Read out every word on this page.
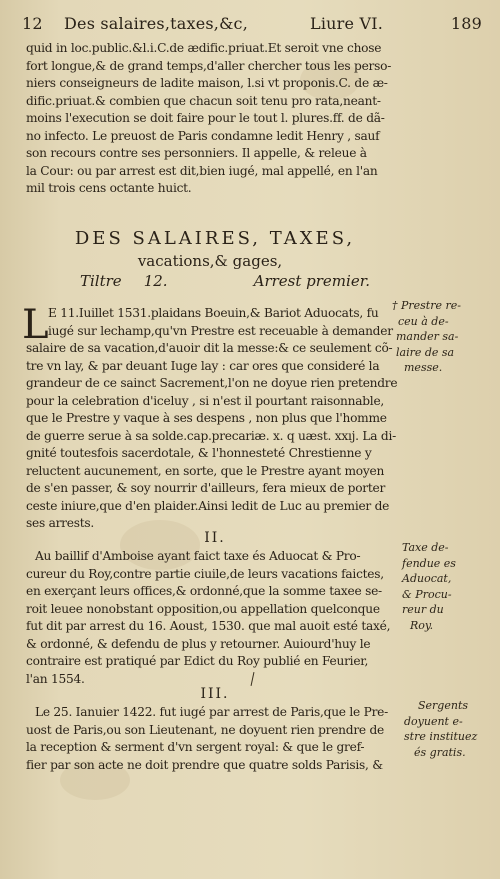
12 Des salaires,taxes,&c,	Liure VI.	189
quid in loc.public.&l.i.C.de ædific.priuat.Et seroit vne chose
fort longue,& de grand temps,d'aller chercher tous les perso-
niers conseigneurs de ladite maison, l.si vt proponis.C. de æ-
dific.priuat.& combien que chacun soit tenu pro rata,neant-
moins l'execution se doit faire pour le tout l. plures.ff. de dã-
no infecto. Le preuost de Paris condamne ledit Henry , sauf
son recours contre ses personniers. Il appelle, & releue à
la Cour: ou par arrest est dit,bien iugé, mal appellé, en l'an
mil trois cens octante huict.
DES SALAIRES, TAXES,
vacations,& gages,
Tiltre 12.	Arrest premier.
L E 11.Iuillet 1531.plaidans Boeuin,& Bariot Aduocats, fu
iugé sur lechamp,qu'vn Prestre est receuable à demander
salaire de sa vacation,d'auoir dit la messe:& ce seulement cõ-
tre vn lay, & par deuant Iuge lay : car ores que consideré la
grandeur de ce sainct Sacrement,l'on ne doyue rien pretendre
pour la celebration d'iceluy , si n'est il pourtant raisonnable,
que le Prestre y vaque à ses despens , non plus que l'homme
de guerre serue à sa solde.cap.precariæ. x. q uæst. xxıj. La di-
gnité toutesfois sacerdotale, & l'honnesteté Chrestienne y
reluctent aucunement, en sorte, que le Prestre ayant moyen
de s'en passer, & soy nourrir d'ailleurs, fera mieux de porter
ceste iniure,que d'en plaider.Ainsi ledit de Luc au premier de
ses arrests.
II.
Au baillif d'Amboise ayant faict taxe és Aduocat & Pro-
cureur du Roy,contre partie ciuile,de leurs vacations faictes,
en exerçant leurs offices,& ordonné,que la somme taxee se-
roit leuee nonobstant opposition,ou appellation quelconque
fut dit par arrest du 16. Aoust, 1530. que mal auoit esté taxé,
& ordonné, & defendu de plus y retourner. Auiourd'huy le
contraire est pratiqué par Edict du Roy publié en Feurier,
l'an 1554.
III.
Le 25. Ianuier 1422. fut iugé par arrest de Paris,que le Pre-
uost de Paris,ou son Lieutenant, ne doyuent rien prendre de
la reception & serment d'vn sergent royal: & que le gref-
fier par son acte ne doit prendre que quatre solds Parisis, &
† Prestre re-
ceu à de-
mander sa-
laire de sa
messe.
Taxe de-
fendue es
Aduocat,
& Procu-
reur du
Roy.
Sergents
doyuent e-
stre instituez
és gratis.
